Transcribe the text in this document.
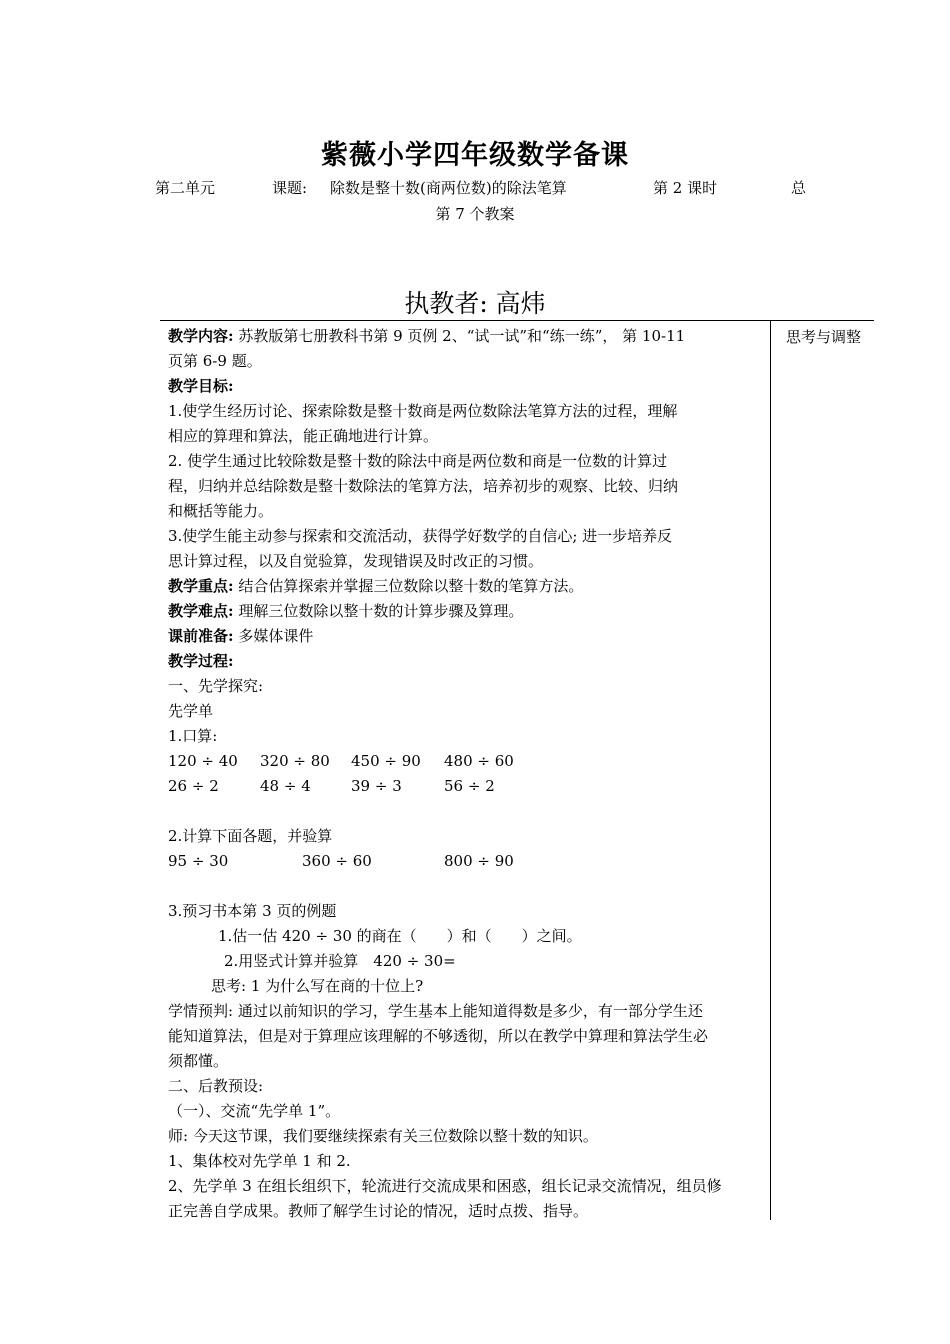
紫薇小学四年级数学备课
第二单元	课题: 除数是整十数(商两位数)的除法笔算	第 2 课时	总
第 7 个教案
执教者: 高炜
思考与调整
教学内容: 苏教版第七册教科书第 9 页例 2、“试一试”和“练一练”， 第 10-11
页第 6-9 题。
教学目标:
1.使学生经历讨论、探索除数是整十数商是两位数除法笔算方法的过程，理解
相应的算理和算法，能正确地进行计算。
2. 使学生通过比较除数是整十数的除法中商是两位数和商是一位数的计算过
程，归纳并总结除数是整十数除法的笔算方法，培养初步的观察、比较、归纳
和概括等能力。
3.使学生能主动参与探索和交流活动，获得学好数学的自信心; 进一步培养反
思计算过程，以及自觉验算，发现错误及时改正的习惯。
教学重点: 结合估算探索并掌握三位数除以整十数的笔算方法。
教学难点: 理解三位数除以整十数的计算步骤及算理。
课前准备: 多媒体课件
教学过程:
一、先学探究:
先学单
1.口算:
120 ÷ 40 320 ÷ 80 450 ÷ 90 480 ÷ 60
26 ÷ 2	48 ÷ 4	39 ÷ 3	56 ÷ 2
2.计算下面各题，并验算
95 ÷ 30	360 ÷ 60	800 ÷ 90
3.预习书本第 3 页的例题
1.估一估 420 ÷ 30 的商在（　　）和（　　）之间。
2.用竖式计算并验算　420 ÷ 30=
思考: 1 为什么写在商的十位上?
学情预判: 通过以前知识的学习，学生基本上能知道得数是多少，有一部分学生还
能知道算法，但是对于算理应该理解的不够透彻，所以在教学中算理和算法学生必
须都懂。
二、后教预设:
（一）、交流“先学单 1”。
师: 今天这节课，我们要继续探索有关三位数除以整十数的知识。
1、集体校对先学单 1 和 2.
2、先学单 3 在组长组织下，轮流进行交流成果和困惑，组长记录交流情况，组员修
正完善自学成果。教师了解学生讨论的情况，适时点拨、指导。
